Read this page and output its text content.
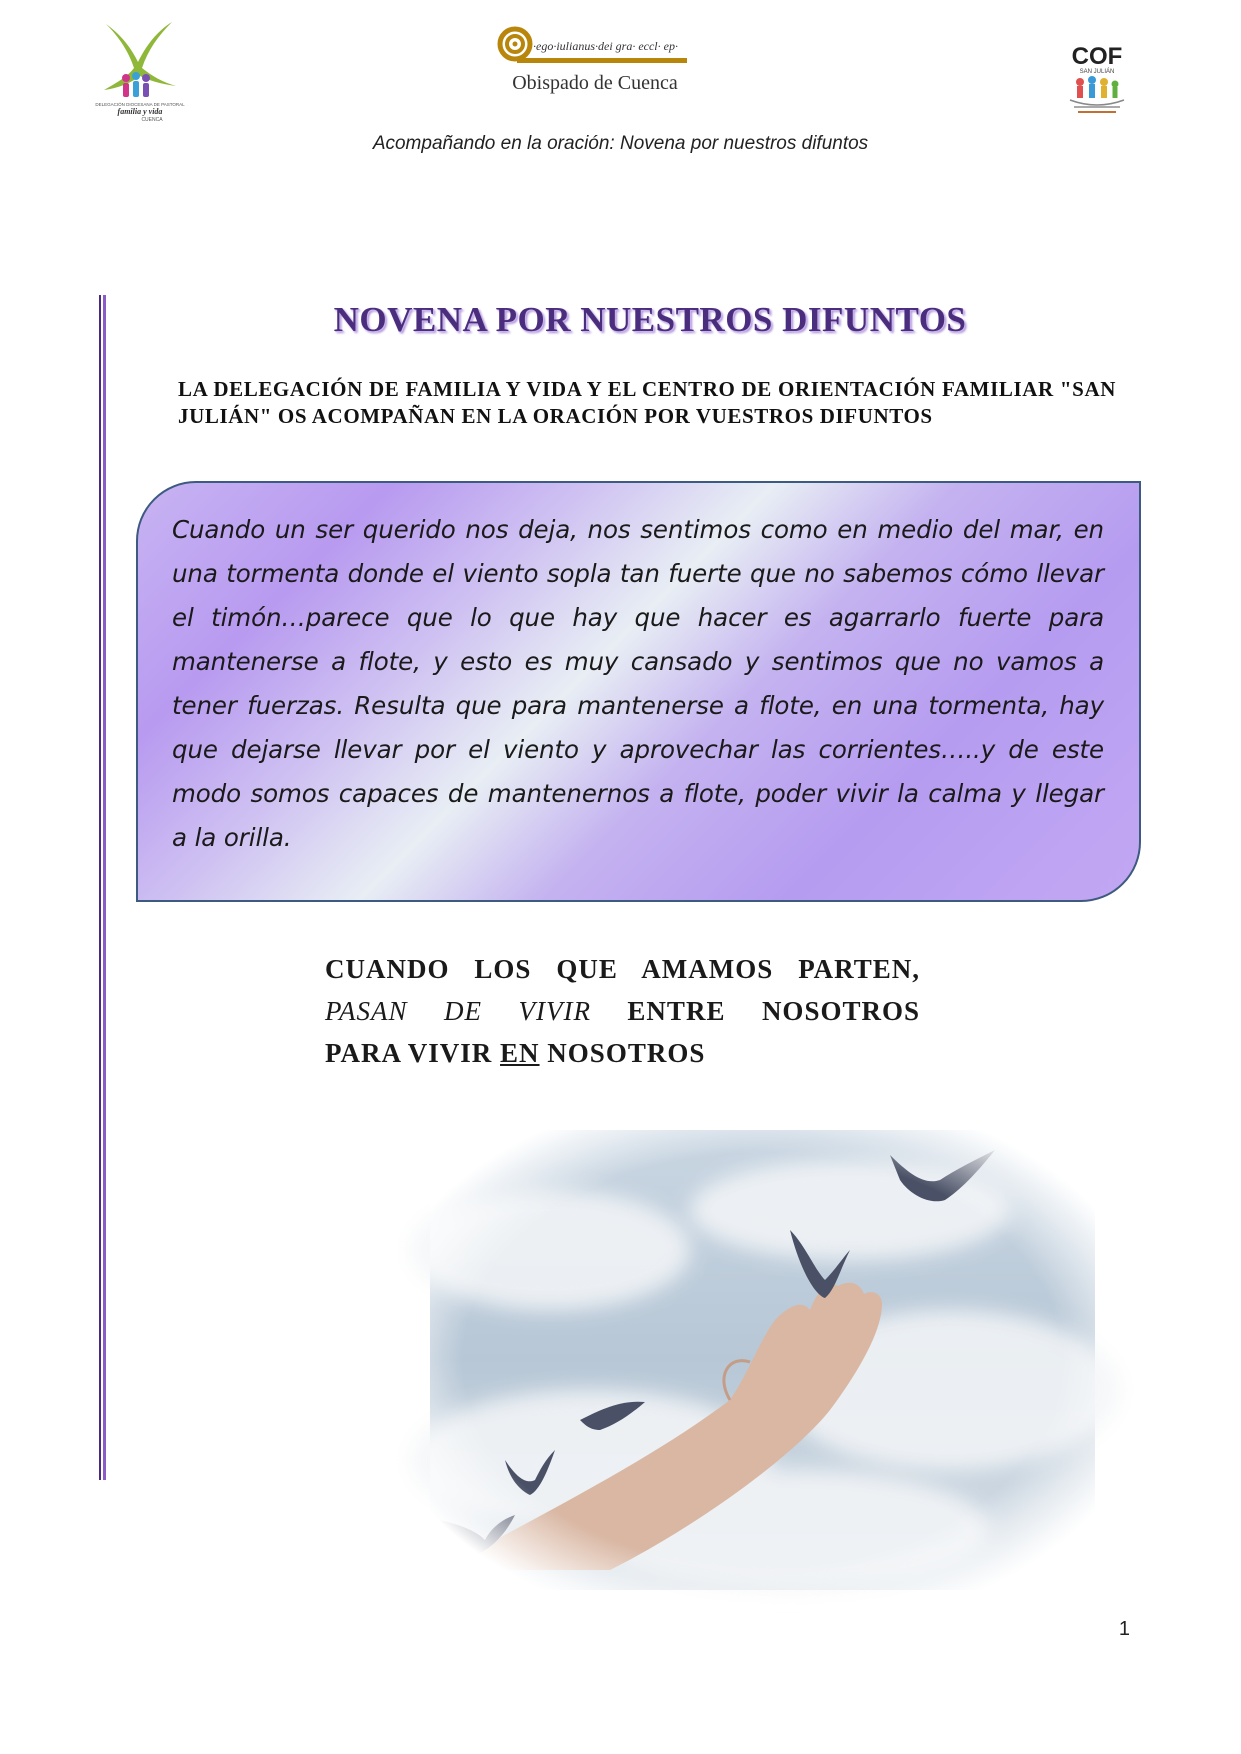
DELEGACIÓN DIOCESANA DE PASTORAL
familia y vida
CUENCA
·ego·iulianus·dei gra· eccl· ep·
Obispado de Cuenca
COF
SAN JULIÁN
Acompañando en la oración: Novena por nuestros difuntos
NOVENA POR NUESTROS DIFUNTOS
LA DELEGACIÓN DE FAMILIA Y VIDA Y EL CENTRO DE ORIENTACIÓN FAMILIAR "SAN JULIÁN" OS ACOMPAÑAN EN LA ORACIÓN POR VUESTROS DIFUNTOS
Cuando un ser querido nos deja, nos sentimos como en medio del mar, en una tormenta donde el viento sopla tan fuerte que no sabemos cómo llevar el timón…parece que lo que hay que hacer es agarrarlo fuerte para mantenerse a flote, y esto es muy cansado y sentimos que no vamos a tener fuerzas. Resulta que para mantenerse a flote, en una tormenta, hay que dejarse llevar por el viento y aprovechar las corrientes…..y de este modo somos capaces de mantenernos a flote, poder vivir la calma y llegar a la orilla.
CUANDO LOS QUE AMAMOS PARTEN,
PASAN DE VIVIR ENTRE NOSOTROS
PARA VIVIR EN NOSOTROS
1
